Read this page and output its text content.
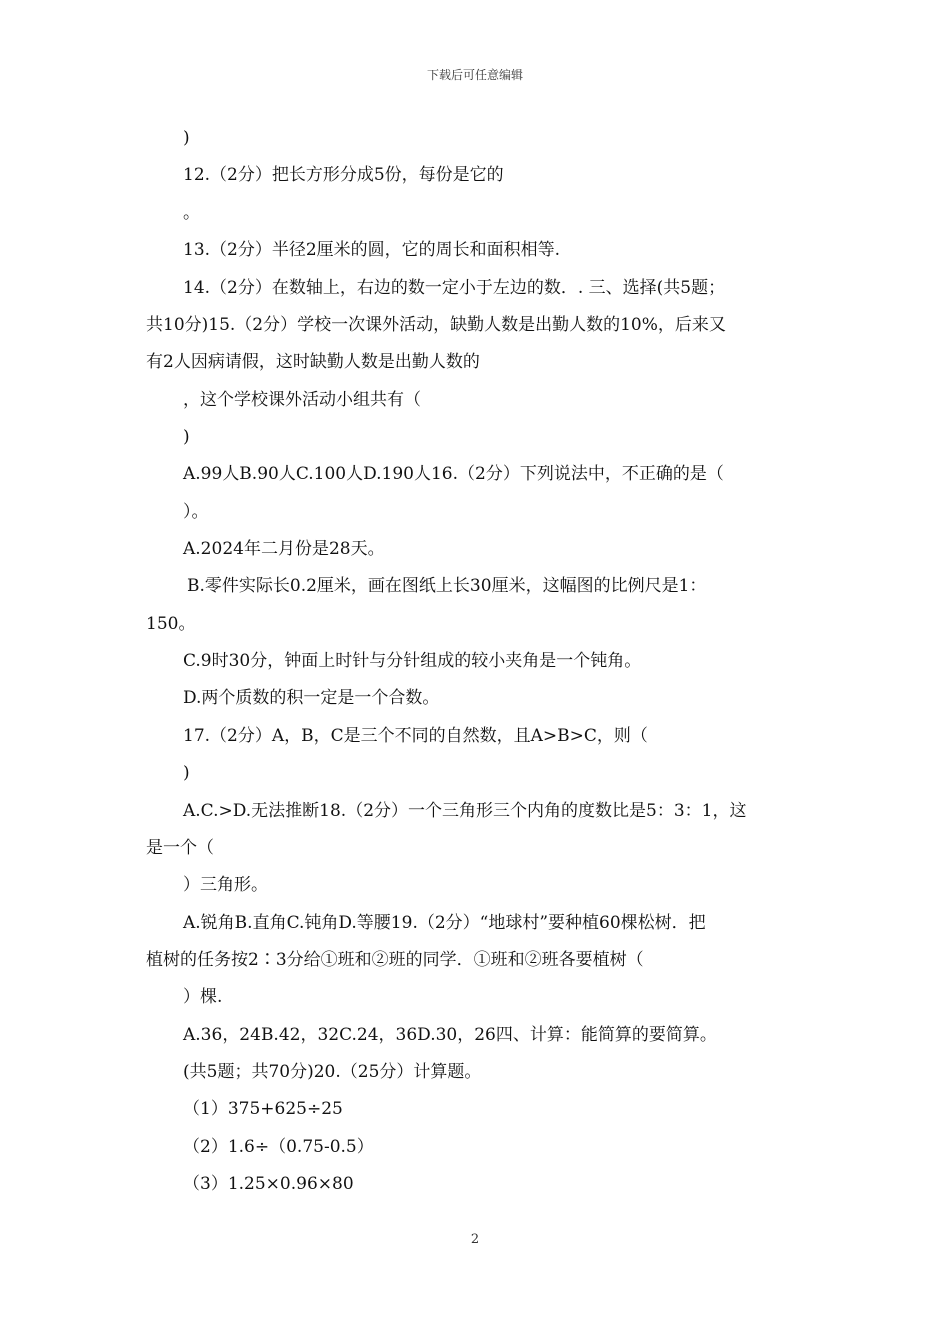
下载后可任意编辑
)
12.（2分）把长方形分成5份，每份是它的
。
13.（2分）半径2厘米的圆，它的周长和面积相等.
14.（2分）在数轴上，右边的数一定小于左边的数．. 三、选择(共5题；
共10分)15.（2分）学校一次课外活动，缺勤人数是出勤人数的10%，后来又
有2人因病请假，这时缺勤人数是出勤人数的
，这个学校课外活动小组共有（
)
A.99人B.90人C.100人D.190人16.（2分）下列说法中，不正确的是（
）。
A.2024年二月份是28天。
B.零件实际长0.2厘米，画在图纸上长30厘米，这幅图的比例尺是1：
150。
C.9时30分，钟面上时针与分针组成的较小夹角是一个钝角。
D.两个质数的积一定是一个合数。
17.（2分）A，B，C是三个不同的自然数，且A>B>C，则（
)
A.C.>D.无法推断18.（2分）一个三角形三个内角的度数比是5：3：1，这
是一个（
）三角形。
A.锐角B.直角C.钝角D.等腰19.（2分）“地球村”要种植60棵松树．把
植树的任务按2∶3分给①班和②班的同学．①班和②班各要植树（
）棵.
A.36，24B.42，32C.24，36D.30，26四、计算：能简算的要简算。
(共5题；共70分)20.（25分）计算题。
（1）375+625÷25
（2）1.6÷（0.75-0.5）
（3）1.25×0.96×80
2
